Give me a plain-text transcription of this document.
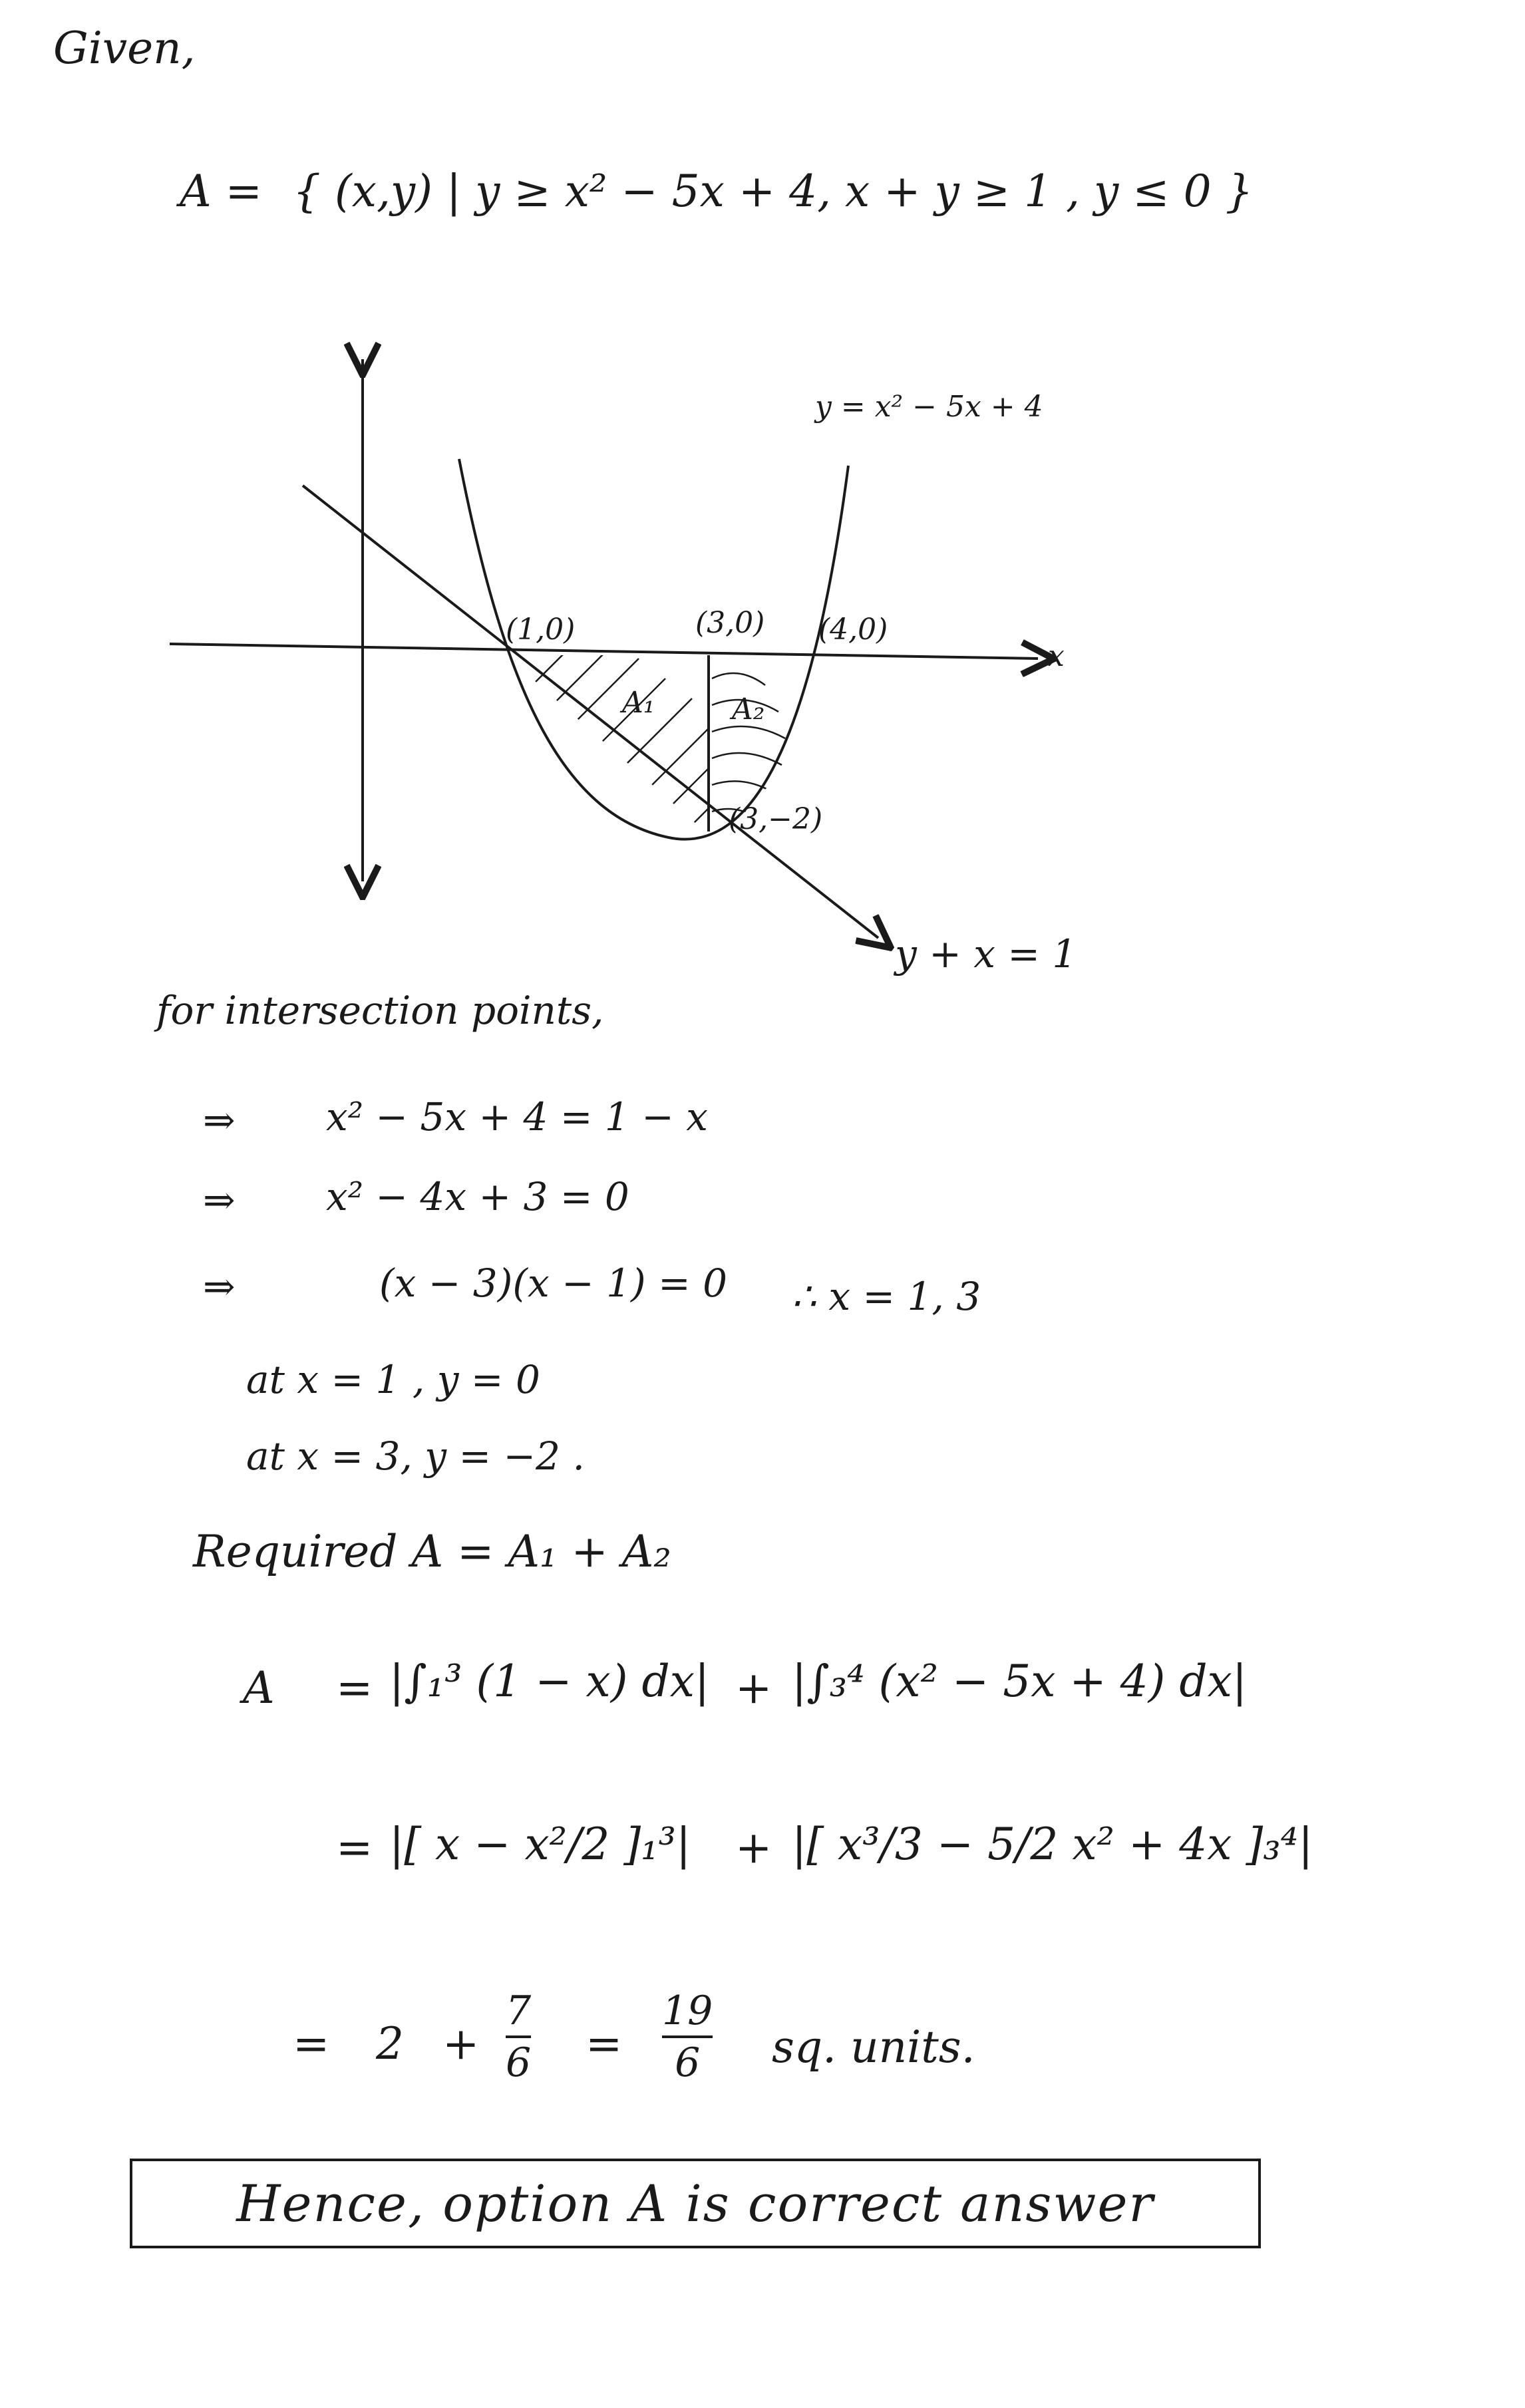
Given,
A = { (x,y) | y ≥ x² − 5x + 4, x + y ≥ 1 , y ≤ 0 }
y = x² − 5x + 4
(1,0)	(3,0) (4,0)
x
A₁	A₂
(3,−2)
y + x = 1
for intersection points,
⇒ x² − 5x + 4 = 1 − x
⇒ x² − 4x + 3 = 0
⇒	(x − 3)(x − 1) = 0 ∴ x = 1, 3
at x = 1 , y = 0
at x = 3, y = −2 .
Required A = A₁ + A₂
A = |∫₁³ (1 − x) dx| + |∫₃⁴ (x² − 5x + 4) dx|
= |[ x − x²/2 ]₁³| + |[ x³/3 − 5/2 x² + 4x ]₃⁴|
= 2 +
7
6 =
19
6 sq. units.
Hence, option A is correct answer
